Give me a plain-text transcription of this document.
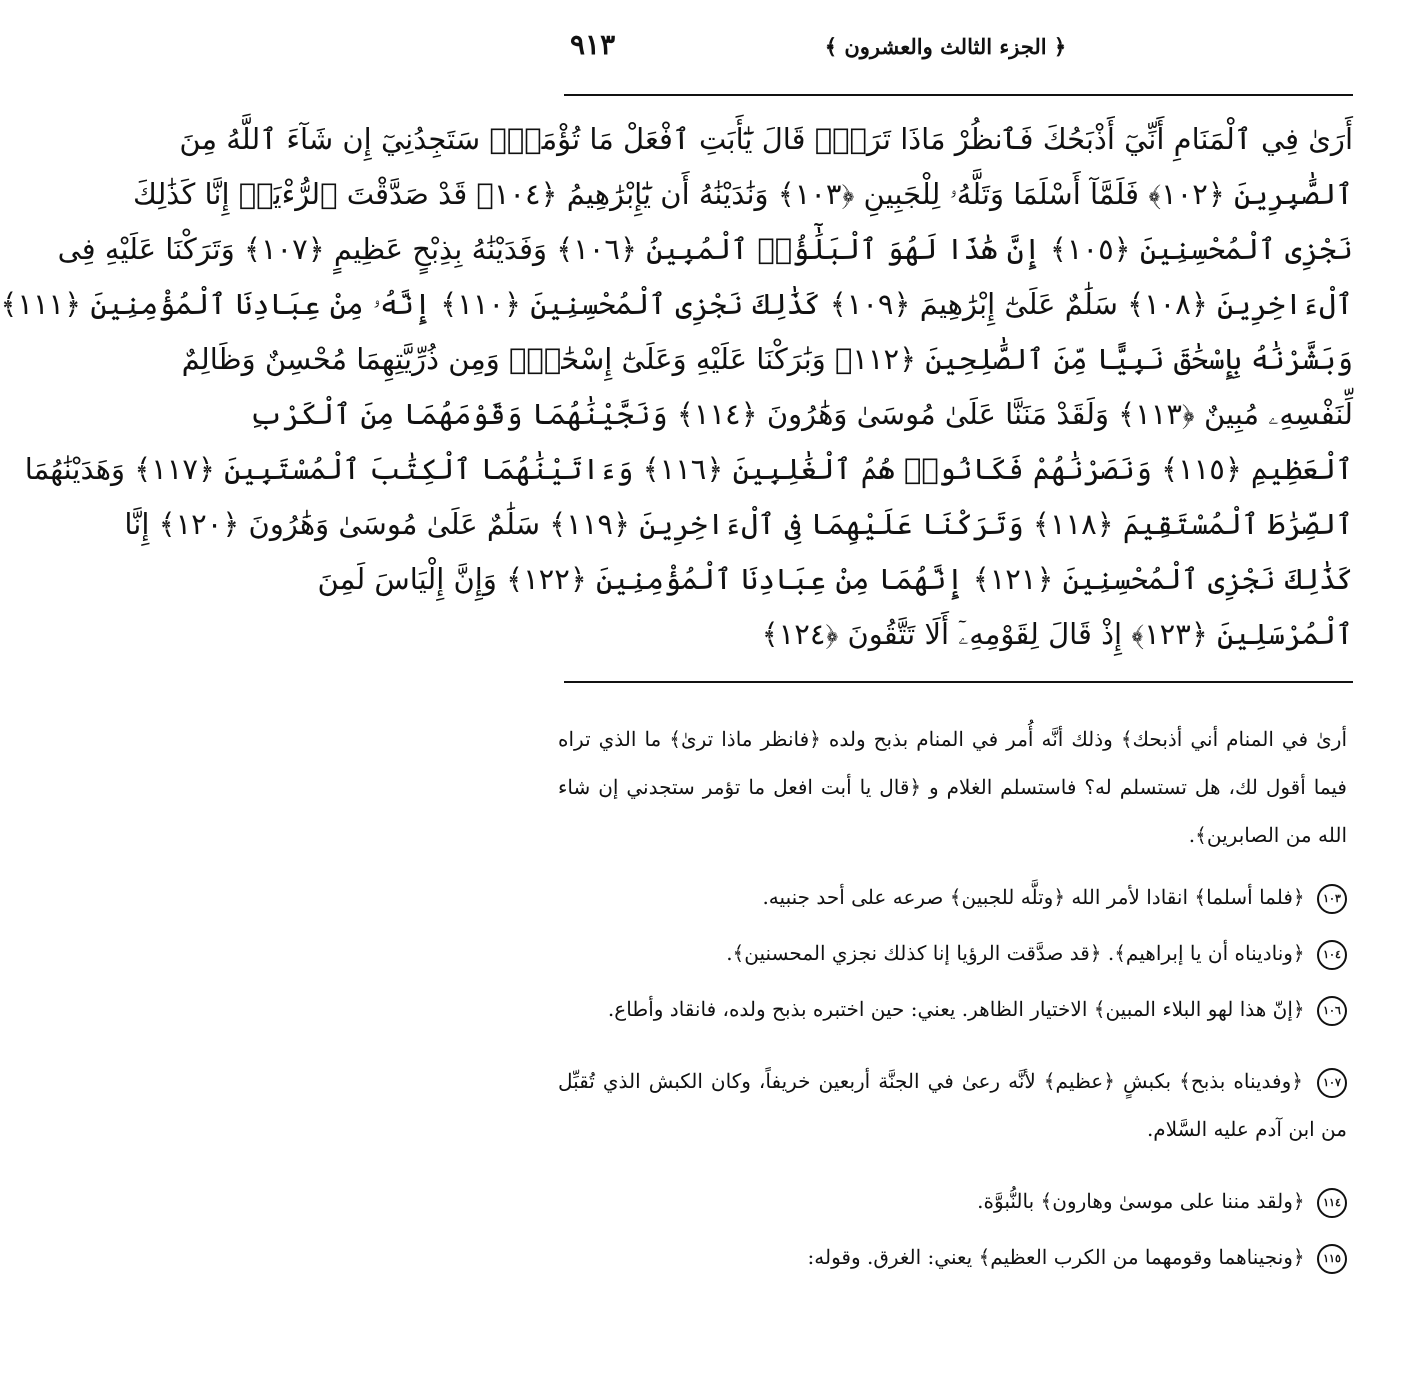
٩١٣	﴿ الجزء الثالث والعشرون ﴾
أَرَىٰ فِي ٱلْمَنَامِ أَنِّيٓ أَذْبَحُكَ فَٱنظُرْ مَاذَا تَرَىٰۚ قَالَ يَٰٓأَبَتِ ٱفْعَلْ مَا تُؤْمَرُۖ سَتَجِدُنِيٓ إِن شَآءَ ٱللَّهُ مِنَ
ٱلصَّٰبِرِينَ ﴿١٠٢﴾ فَلَمَّآ أَسْلَمَا وَتَلَّهُۥ لِلْجَبِينِ ﴿١٠٣﴾ وَنَٰدَيْنَٰهُ أَن يَٰٓإِبْرَٰهِيمُ ﴿١٠٤﴾ قَدْ صَدَّقْتَ ٱلرُّءْيَآۚ إِنَّا كَذَٰلِكَ
نَجْزِى ٱلْمُحْسِنِينَ ﴿١٠٥﴾ إِنَّ هَٰذَا لَهُوَ ٱلْبَلَٰٓؤُا۟ ٱلْمُبِينُ ﴿١٠٦﴾ وَفَدَيْنَٰهُ بِذِبْحٍ عَظِيمٍ ﴿١٠٧﴾ وَتَرَكْنَا عَلَيْهِ فِى
ٱلْءَاخِرِينَ ﴿١٠٨﴾ سَلَٰمٌ عَلَىٰٓ إِبْرَٰهِيمَ ﴿١٠٩﴾ كَذَٰلِكَ نَجْزِى ٱلْمُحْسِنِينَ ﴿١١٠﴾ إِنَّهُۥ مِنْ عِبَادِنَا ٱلْمُؤْمِنِينَ ﴿١١١﴾
وَبَشَّرْنَٰهُ بِإِسْحَٰقَ نَبِيًّا مِّنَ ٱلصَّٰلِحِينَ ﴿١١٢﴾ وَبَٰرَكْنَا عَلَيْهِ وَعَلَىٰٓ إِسْحَٰقَۚ وَمِن ذُرِّيَّتِهِمَا مُحْسِنٌ وَظَالِمٌ
لِّنَفْسِهِۦ مُبِينٌ ﴿١١٣﴾ وَلَقَدْ مَنَنَّا عَلَىٰ مُوسَىٰ وَهَٰرُونَ ﴿١١٤﴾ وَنَجَّيْنَٰهُمَا وَقَوْمَهُمَا مِنَ ٱلْكَرْبِ
ٱلْعَظِيمِ ﴿١١٥﴾ وَنَصَرْنَٰهُمْ فَكَانُوا۟ هُمُ ٱلْغَٰلِبِينَ ﴿١١٦﴾ وَءَاتَيْنَٰهُمَا ٱلْكِتَٰبَ ٱلْمُسْتَبِينَ ﴿١١٧﴾ وَهَدَيْنَٰهُمَا
ٱلصِّرَٰطَ ٱلْمُسْتَقِيمَ ﴿١١٨﴾ وَتَرَكْنَا عَلَيْهِمَا فِى ٱلْءَاخِرِينَ ﴿١١٩﴾ سَلَٰمٌ عَلَىٰ مُوسَىٰ وَهَٰرُونَ ﴿١٢٠﴾ إِنَّا
كَذَٰلِكَ نَجْزِى ٱلْمُحْسِنِينَ ﴿١٢١﴾ إِنَّهُمَا مِنْ عِبَادِنَا ٱلْمُؤْمِنِينَ ﴿١٢٢﴾ وَإِنَّ إِلْيَاسَ لَمِنَ
ٱلْمُرْسَلِينَ ﴿١٢٣﴾ إِذْ قَالَ لِقَوْمِهِۦٓ أَلَا تَتَّقُونَ ﴿١٢٤﴾
أرىٰ في المنام أني أذبحك﴾ وذلك أنَّه أُمر في المنام بذبح ولده ﴿فانظر ماذا ترىٰ﴾ ما الذي تراه فيما أقول لك، هل تستسلم له؟ فاستسلم الغلام و ﴿قال يا أبت افعل ما تؤمر ستجدني إن شاء الله من الصابرين﴾.
١٠٣ ﴿فلما أسلما﴾ انقادا لأمر الله ﴿وتلَّه للجبين﴾ صرعه على أحد جنبيه.
١٠٤ ﴿وناديناه أن يا إبراهيم﴾. ﴿قد صدَّقت الرؤيا إنا كذلك نجزي المحسنين﴾.
١٠٦ ﴿إنّ هذا لهو البلاء المبين﴾ الاختيار الظاهر. يعني: حين اختبره بذبح ولده، فانقاد وأطاع.
١٠٧ ﴿وفديناه بذبح﴾ بكبشٍ ﴿عظيم﴾ لأنَّه رعىٰ في الجنَّة أربعين خريفاً، وكان الكبش الذي تُقبِّل من ابن آدم عليه السَّلام.
١١٤ ﴿ولقد مننا على موسىٰ وهارون﴾ بالنُّبوَّة.
١١٥ ﴿ونجيناهما وقومهما من الكرب العظيم﴾ يعني: الغرق. وقوله:
